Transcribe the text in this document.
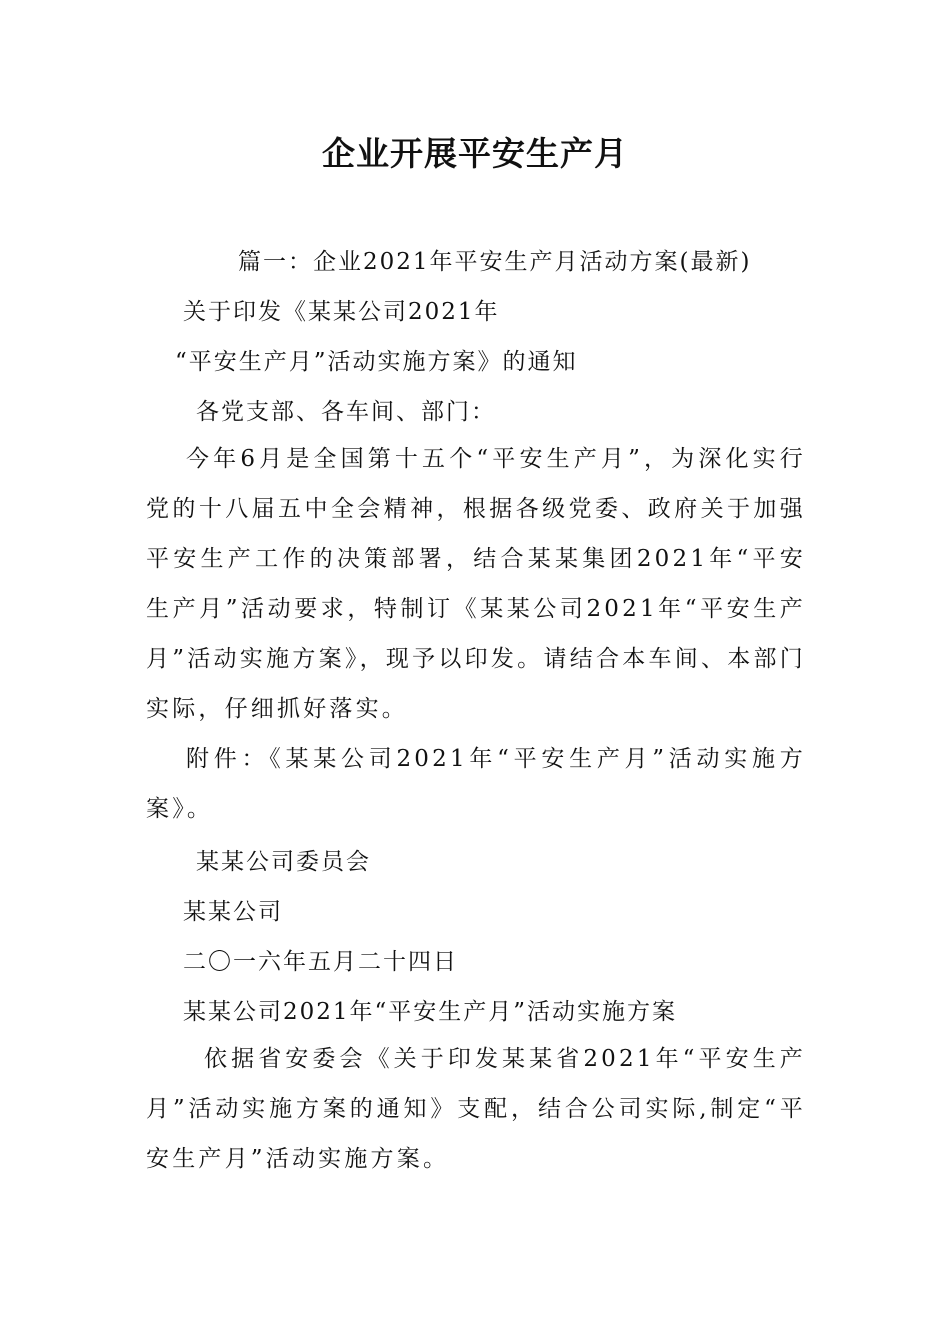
企业开展平安生产月
篇一：企业2021年平安生产月活动方案(最新)
关于印发《某某公司2021年
“平安生产月”活动实施方案》的通知
各党支部、各车间、部门：

今年6月是全国第十五个“平安生产月”，为深化实行党的十八届五中全会精神，根据各级党委、政府关于加强平安生产工作的决策部署，结合某某集团2021年“平安生产月”活动要求，特制订《某某公司2021年“平安生产月”活动实施方案》，现予以印发。请结合本车间、本部门实际，仔细抓好落实。

附件：《某某公司2021年“平安生产月”活动实施方案》。

某某公司委员会
某某公司
二〇一六年五月二十四日
某某公司2021年“平安生产月”活动实施方案

依据省安委会《关于印发某某省2021年“平安生产月”活动实施方案的通知》支配，结合公司实际,制定“平安生产月”活动实施方案。
